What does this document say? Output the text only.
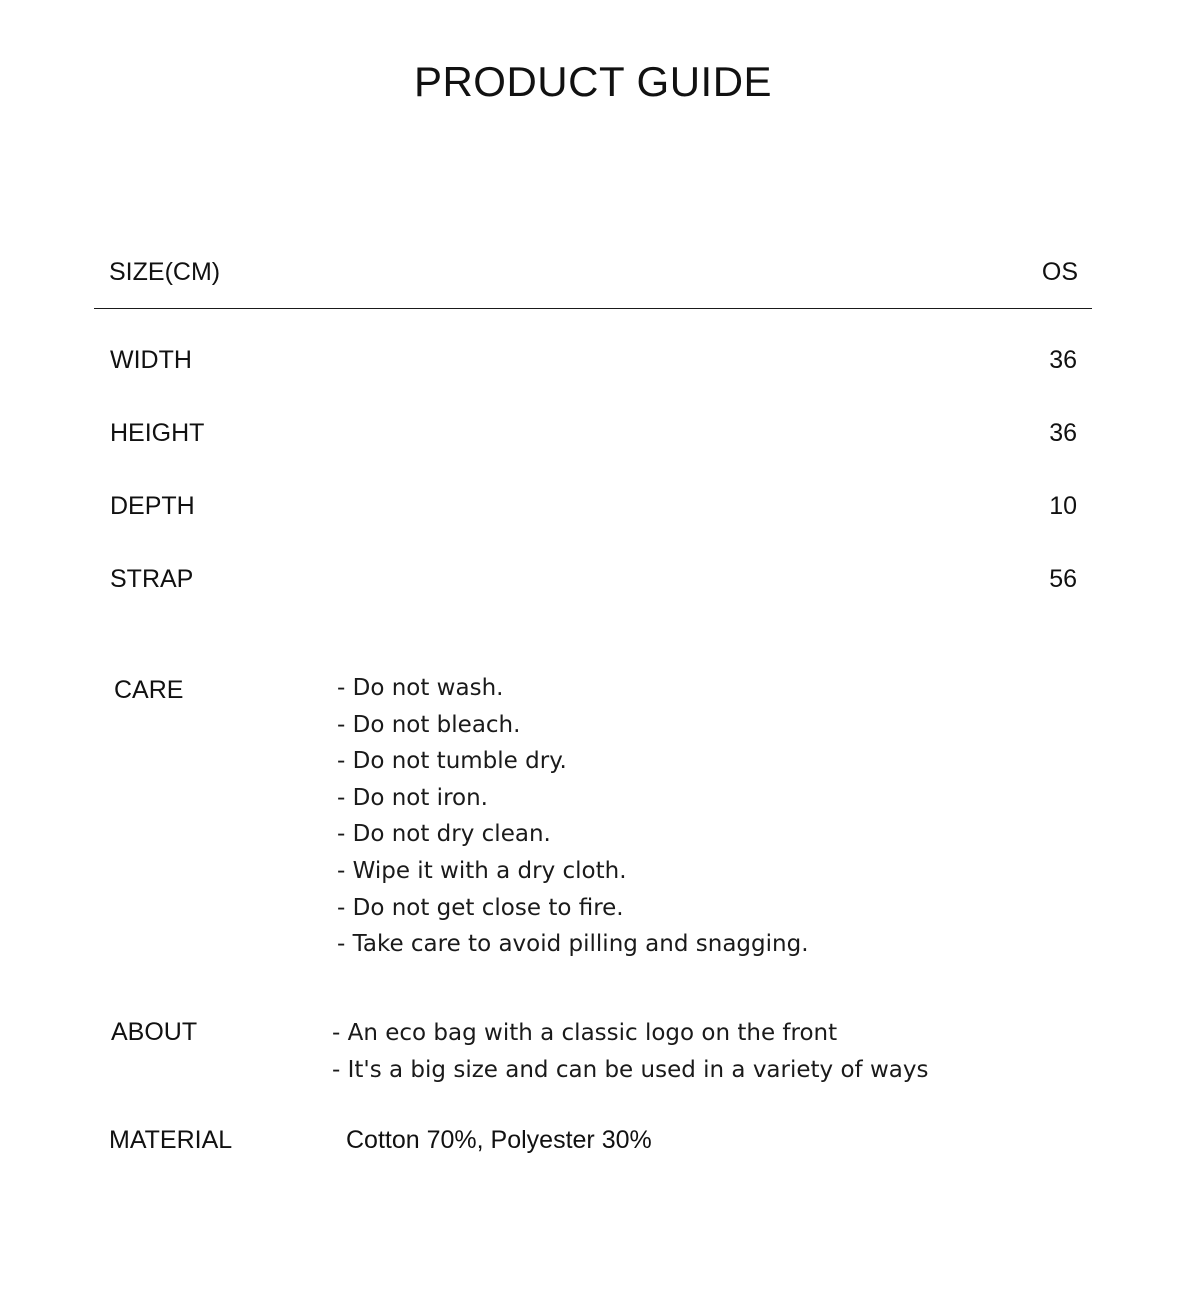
PRODUCT GUIDE
SIZE(CM)	OS
WIDTH	36
HEIGHT	36
DEPTH	10
STRAP	56
CARE	- Do not wash.
- Do not bleach.
- Do not tumble dry.
- Do not iron.
- Do not dry clean.
- Wipe it with a dry cloth.
- Do not get close to fire.
- Take care to avoid pilling and snagging.
ABOUT	- An eco bag with a classic logo on the front
- It's a big size and can be used in a variety of ways
MATERIAL	Cotton 70%, Polyester 30%
